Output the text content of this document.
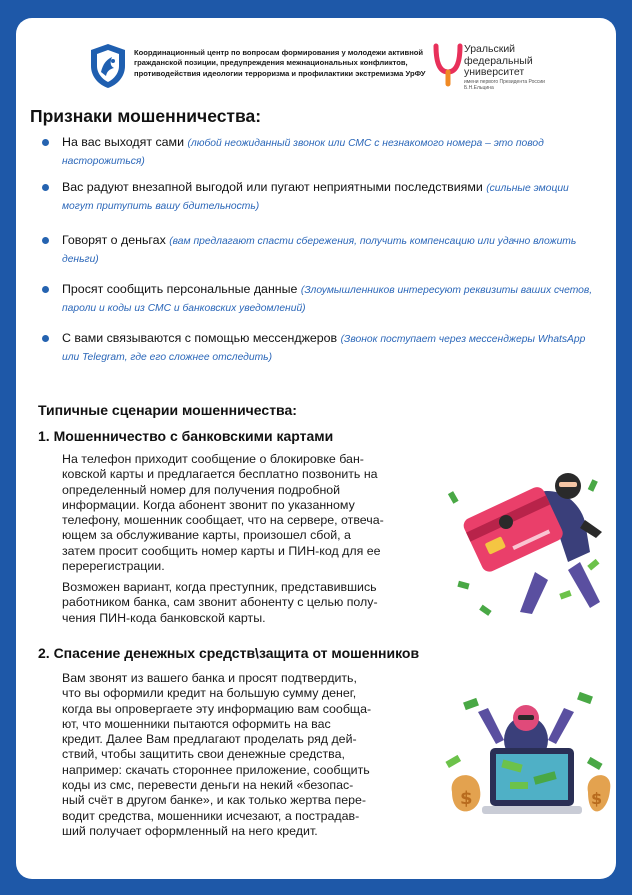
Координационный центр по вопросам формирования у молодежи активной гражданской позиции, предупреждения межнациональных конфликтов, противодействия идеологии терроризма и профилактики экстремизма УрФУ
Уральский федеральный университет
имени первого Президента России Б.Н.Ельцина
Признаки мошенничества:
На вас выходят сами (любой неожиданный звонок или СМС с незнакомого номера – это повод насторожиться)
Вас радуют внезапной выгодой или пугают неприятными последствиями (сильные эмоции могут притупить вашу бдительность)
Говорят о деньгах (вам предлагают спасти сбережения, получить компенсацию или удачно вложить деньги)
Просят сообщить персональные данные (Злоумышленников интересуют реквизиты ваших счетов, пароли и коды из СМС и банковских уведомлений)
С вами связываются с помощью мессенджеров (Звонок поступает через мессенджеры WhatsApp или Telegram, где его сложнее отследить)
Типичные сценарии мошенничества:
1. Мошенничество с банковскими картами

На телефон приходит сообщение о блокировке бан-
ковской карты и предлагается бесплатно позвонить на
определенный номер для получения подробной
информации. Когда абонент звонит по указанному
телефону, мошенник сообщает, что на сервере, отвеча-
ющем за обслуживание карты, произошел сбой, а
затем просит сообщить номер карты и ПИН-код для ее
перерегистрации.

Возможен вариант, когда преступник, представившись
работником банка, сам звонит абоненту с целью полу-
чения ПИН-кода банковской карты.

2. Спасение денежных средств\защита от мошенников

Вам звонят из вашего банка и просят подтвердить,
что вы оформили кредит на большую сумму денег,
когда вы опровергаете эту информацию вам сообща-
ют, что мошенники пытаются оформить на вас
кредит. Далее Вам предлагают проделать ряд дей-
ствий, чтобы защитить свои денежные средства,
например: скачать стороннее приложение, сообщить
коды из смс, перевести деньги на некий «безопас-
ный счёт в другом банке», и как только жертва пере-
водит средства, мошенники исчезают, а пострадав-
ший получает оформленный на него кредит.

$	$
